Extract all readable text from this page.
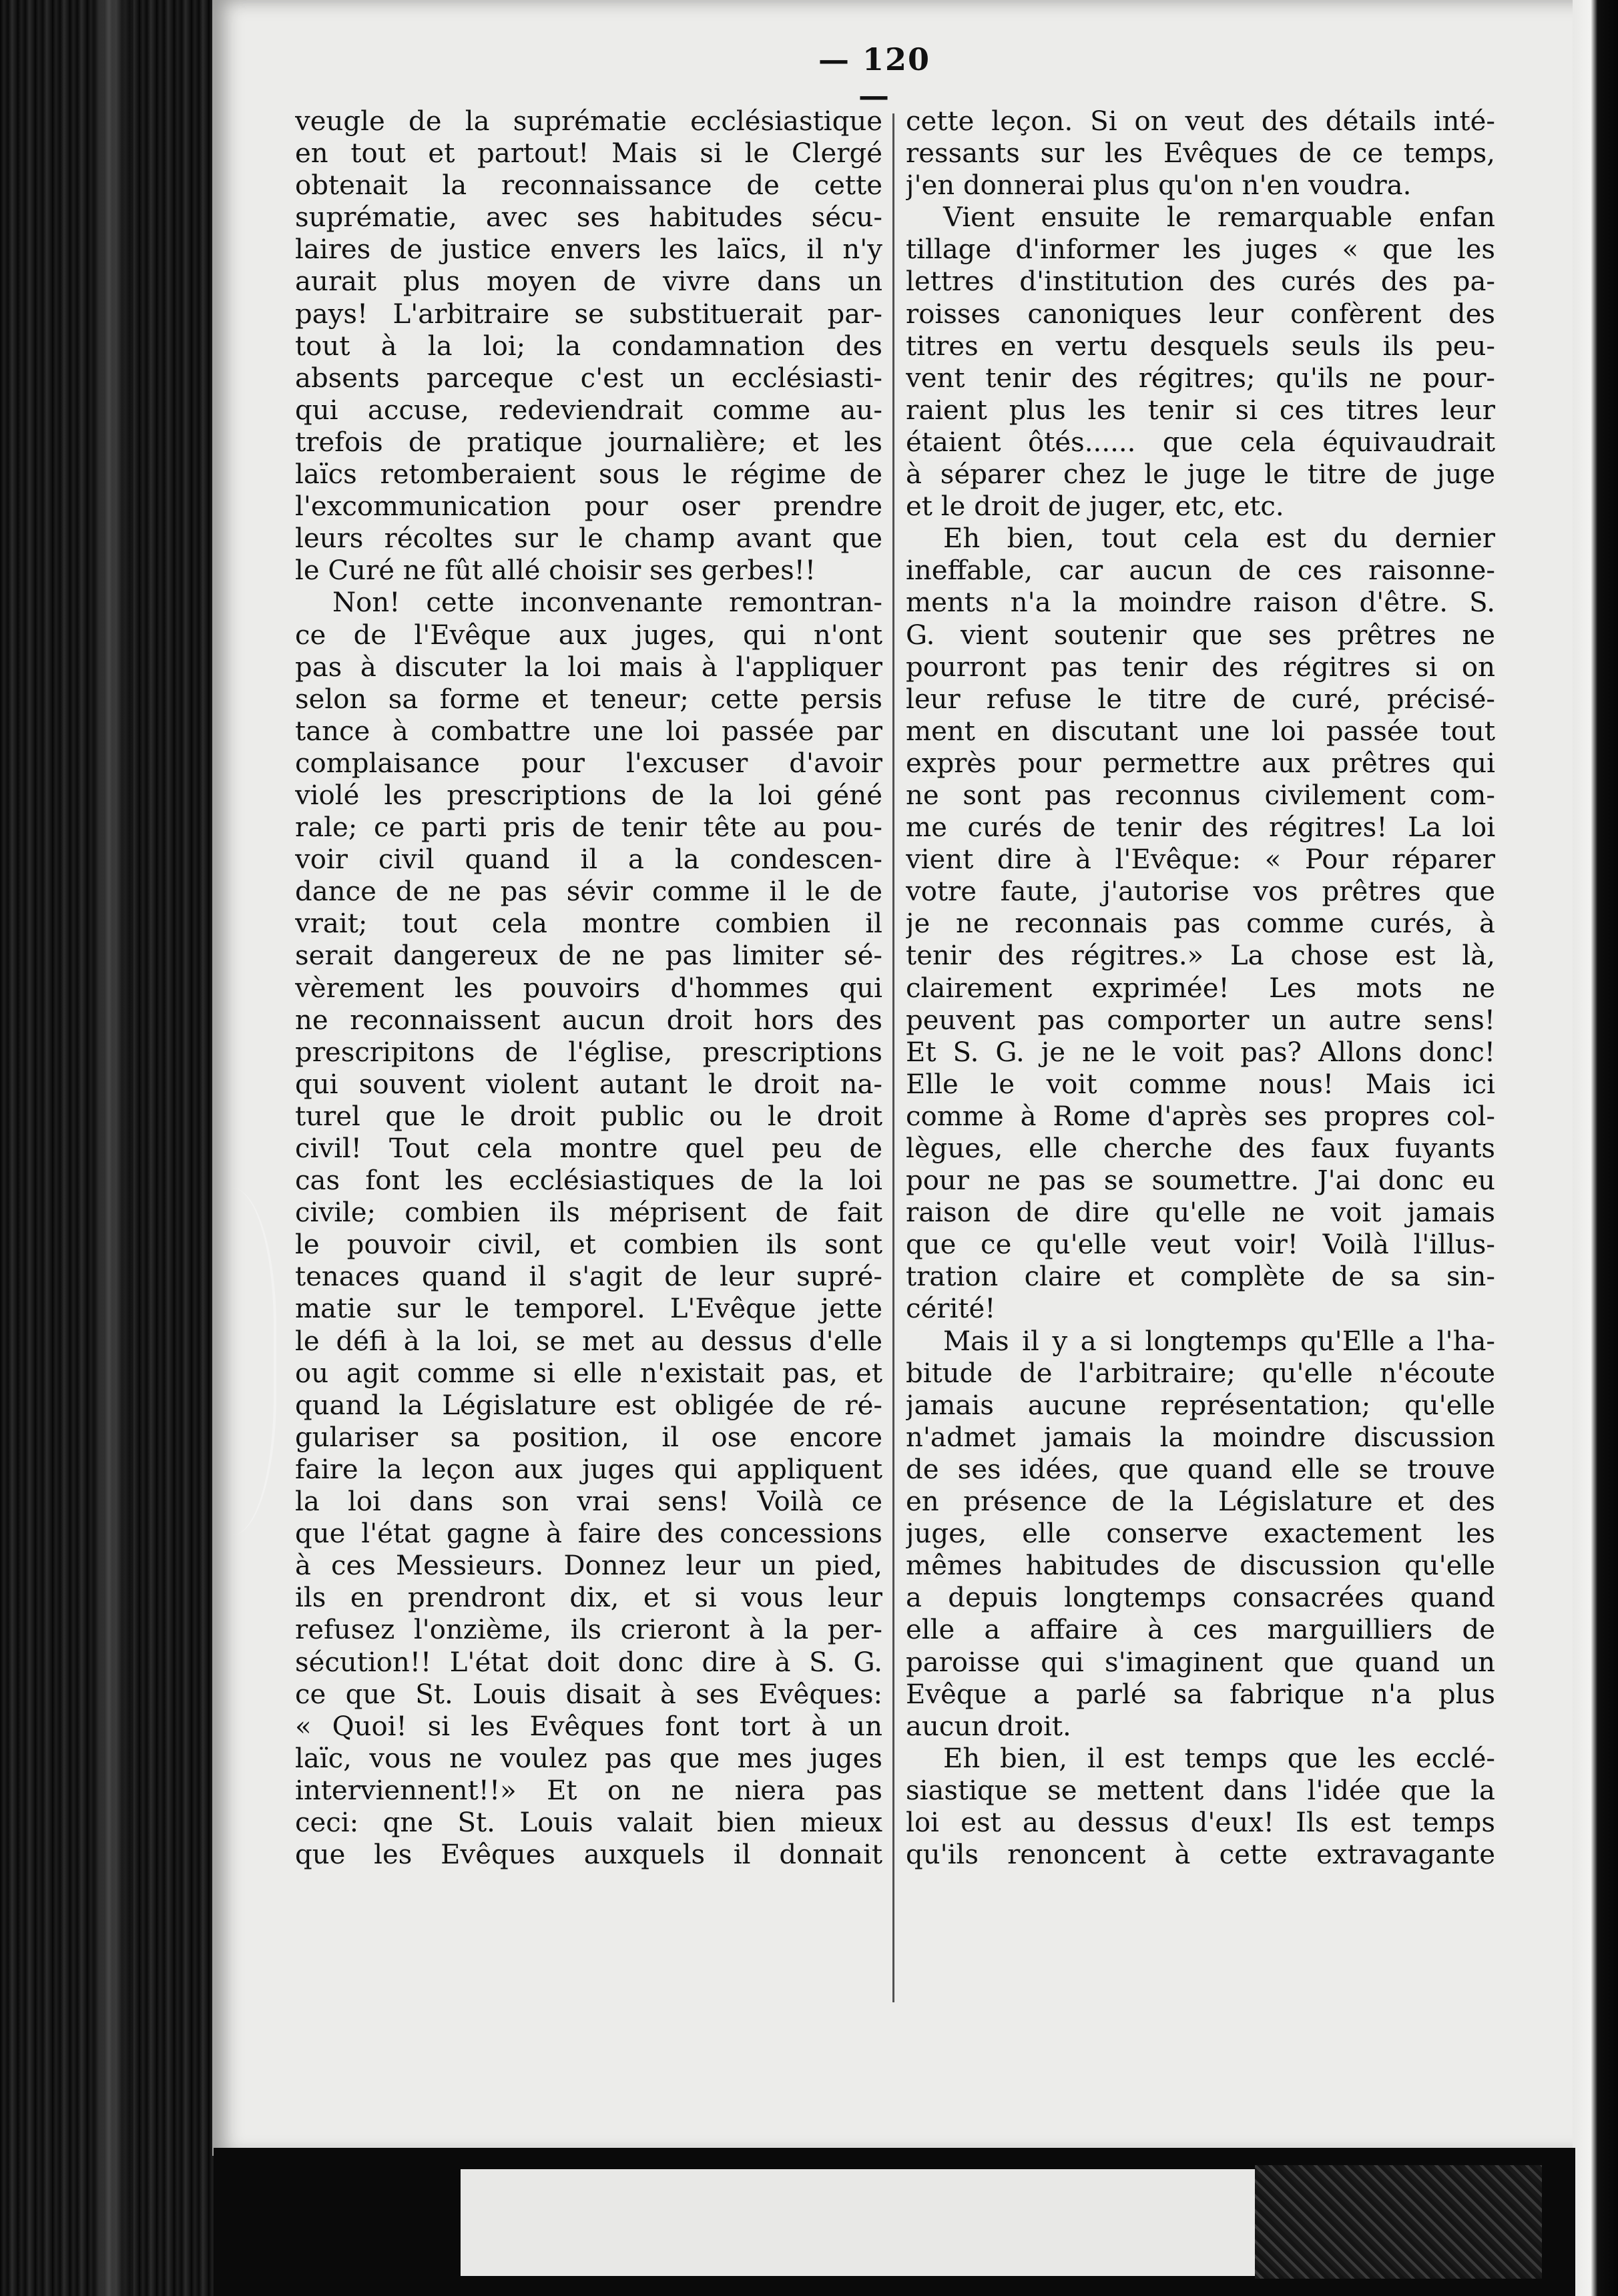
— 120 —
veugle de la suprématie ecclésiastique
en tout et partout! Mais si le Clergé
obtenait la reconnaissance de cette
suprématie, avec ses habitudes sécu-
laires de justice envers les laïcs, il n'y
aurait plus moyen de vivre dans un
pays! L'arbitraire se substituerait par-
tout à la loi; la condamnation des
absents parceque c'est un ecclésiasti-
qui accuse, redeviendrait comme au-
trefois de pratique journalière; et les
laïcs retomberaient sous le régime de
l'excommunication pour oser prendre
leurs récoltes sur le champ avant que
le Curé ne fût allé choisir ses gerbes!!
Non! cette inconvenante remontran-
ce de l'Evêque aux juges, qui n'ont
pas à discuter la loi mais à l'appliquer
selon sa forme et teneur; cette persis
tance à combattre une loi passée par
complaisance pour l'excuser d'avoir
violé les prescriptions de la loi géné
rale; ce parti pris de tenir tête au pou-
voir civil quand il a la condescen-
dance de ne pas sévir comme il le de
vrait; tout cela montre combien il
serait dangereux de ne pas limiter sé-
vèrement les pouvoirs d'hommes qui
ne reconnaissent aucun droit hors des
prescripitons de l'église, prescriptions
qui souvent violent autant le droit na-
turel que le droit public ou le droit
civil! Tout cela montre quel peu de
cas font les ecclésiastiques de la loi
civile; combien ils méprisent de fait
le pouvoir civil, et combien ils sont
tenaces quand il s'agit de leur supré-
matie sur le temporel. L'Evêque jette
le défi à la loi, se met au dessus d'elle
ou agit comme si elle n'existait pas, et
quand la Législature est obligée de ré-
gulariser sa position, il ose encore
faire la leçon aux juges qui appliquent
la loi dans son vrai sens! Voilà ce
que l'état gagne à faire des concessions
à ces Messieurs. Donnez leur un pied,
ils en prendront dix, et si vous leur
refusez l'onzième, ils crieront à la per-
sécution!! L'état doit donc dire à S. G.
ce que St. Louis disait à ses Evêques:
« Quoi! si les Evêques font tort à un
laïc, vous ne voulez pas que mes juges
interviennent!!» Et on ne niera pas
ceci: qne St. Louis valait bien mieux
que les Evêques auxquels il donnait
cette leçon. Si on veut des détails inté-
ressants sur les Evêques de ce temps,
j'en donnerai plus qu'on n'en voudra.
Vient ensuite le remarquable enfan
tillage d'informer les juges « que les
lettres d'institution des curés des pa-
roisses canoniques leur confèrent des
titres en vertu desquels seuls ils peu-
vent tenir des régitres; qu'ils ne pour-
raient plus les tenir si ces titres leur
étaient ôtés...... que cela équivaudrait
à séparer chez le juge le titre de juge
et le droit de juger, etc, etc.
Eh bien, tout cela est du dernier
ineffable, car aucun de ces raisonne-
ments n'a la moindre raison d'être. S.
G. vient soutenir que ses prêtres ne
pourront pas tenir des régitres si on
leur refuse le titre de curé, précisé-
ment en discutant une loi passée tout
exprès pour permettre aux prêtres qui
ne sont pas reconnus civilement com-
me curés de tenir des régitres! La loi
vient dire à l'Evêque: « Pour réparer
votre faute, j'autorise vos prêtres que
je ne reconnais pas comme curés, à
tenir des régitres.» La chose est là,
clairement exprimée! Les mots ne
peuvent pas comporter un autre sens!
Et S. G. je ne le voit pas? Allons donc!
Elle le voit comme nous! Mais ici
comme à Rome d'après ses propres col-
lègues, elle cherche des faux fuyants
pour ne pas se soumettre. J'ai donc eu
raison de dire qu'elle ne voit jamais
que ce qu'elle veut voir! Voilà l'illus-
tration claire et complète de sa sin-
cérité!
Mais il y a si longtemps qu'Elle a l'ha-
bitude de l'arbitraire; qu'elle n'écoute
jamais aucune représentation; qu'elle
n'admet jamais la moindre discussion
de ses idées, que quand elle se trouve
en présence de la Législature et des
juges, elle conserve exactement les
mêmes habitudes de discussion qu'elle
a depuis longtemps consacrées quand
elle a affaire à ces marguilliers de
paroisse qui s'imaginent que quand un
Evêque a parlé sa fabrique n'a plus
aucun droit.
Eh bien, il est temps que les ecclé-
siastique se mettent dans l'idée que la
loi est au dessus d'eux! Ils est temps
qu'ils renoncent à cette extravagante
